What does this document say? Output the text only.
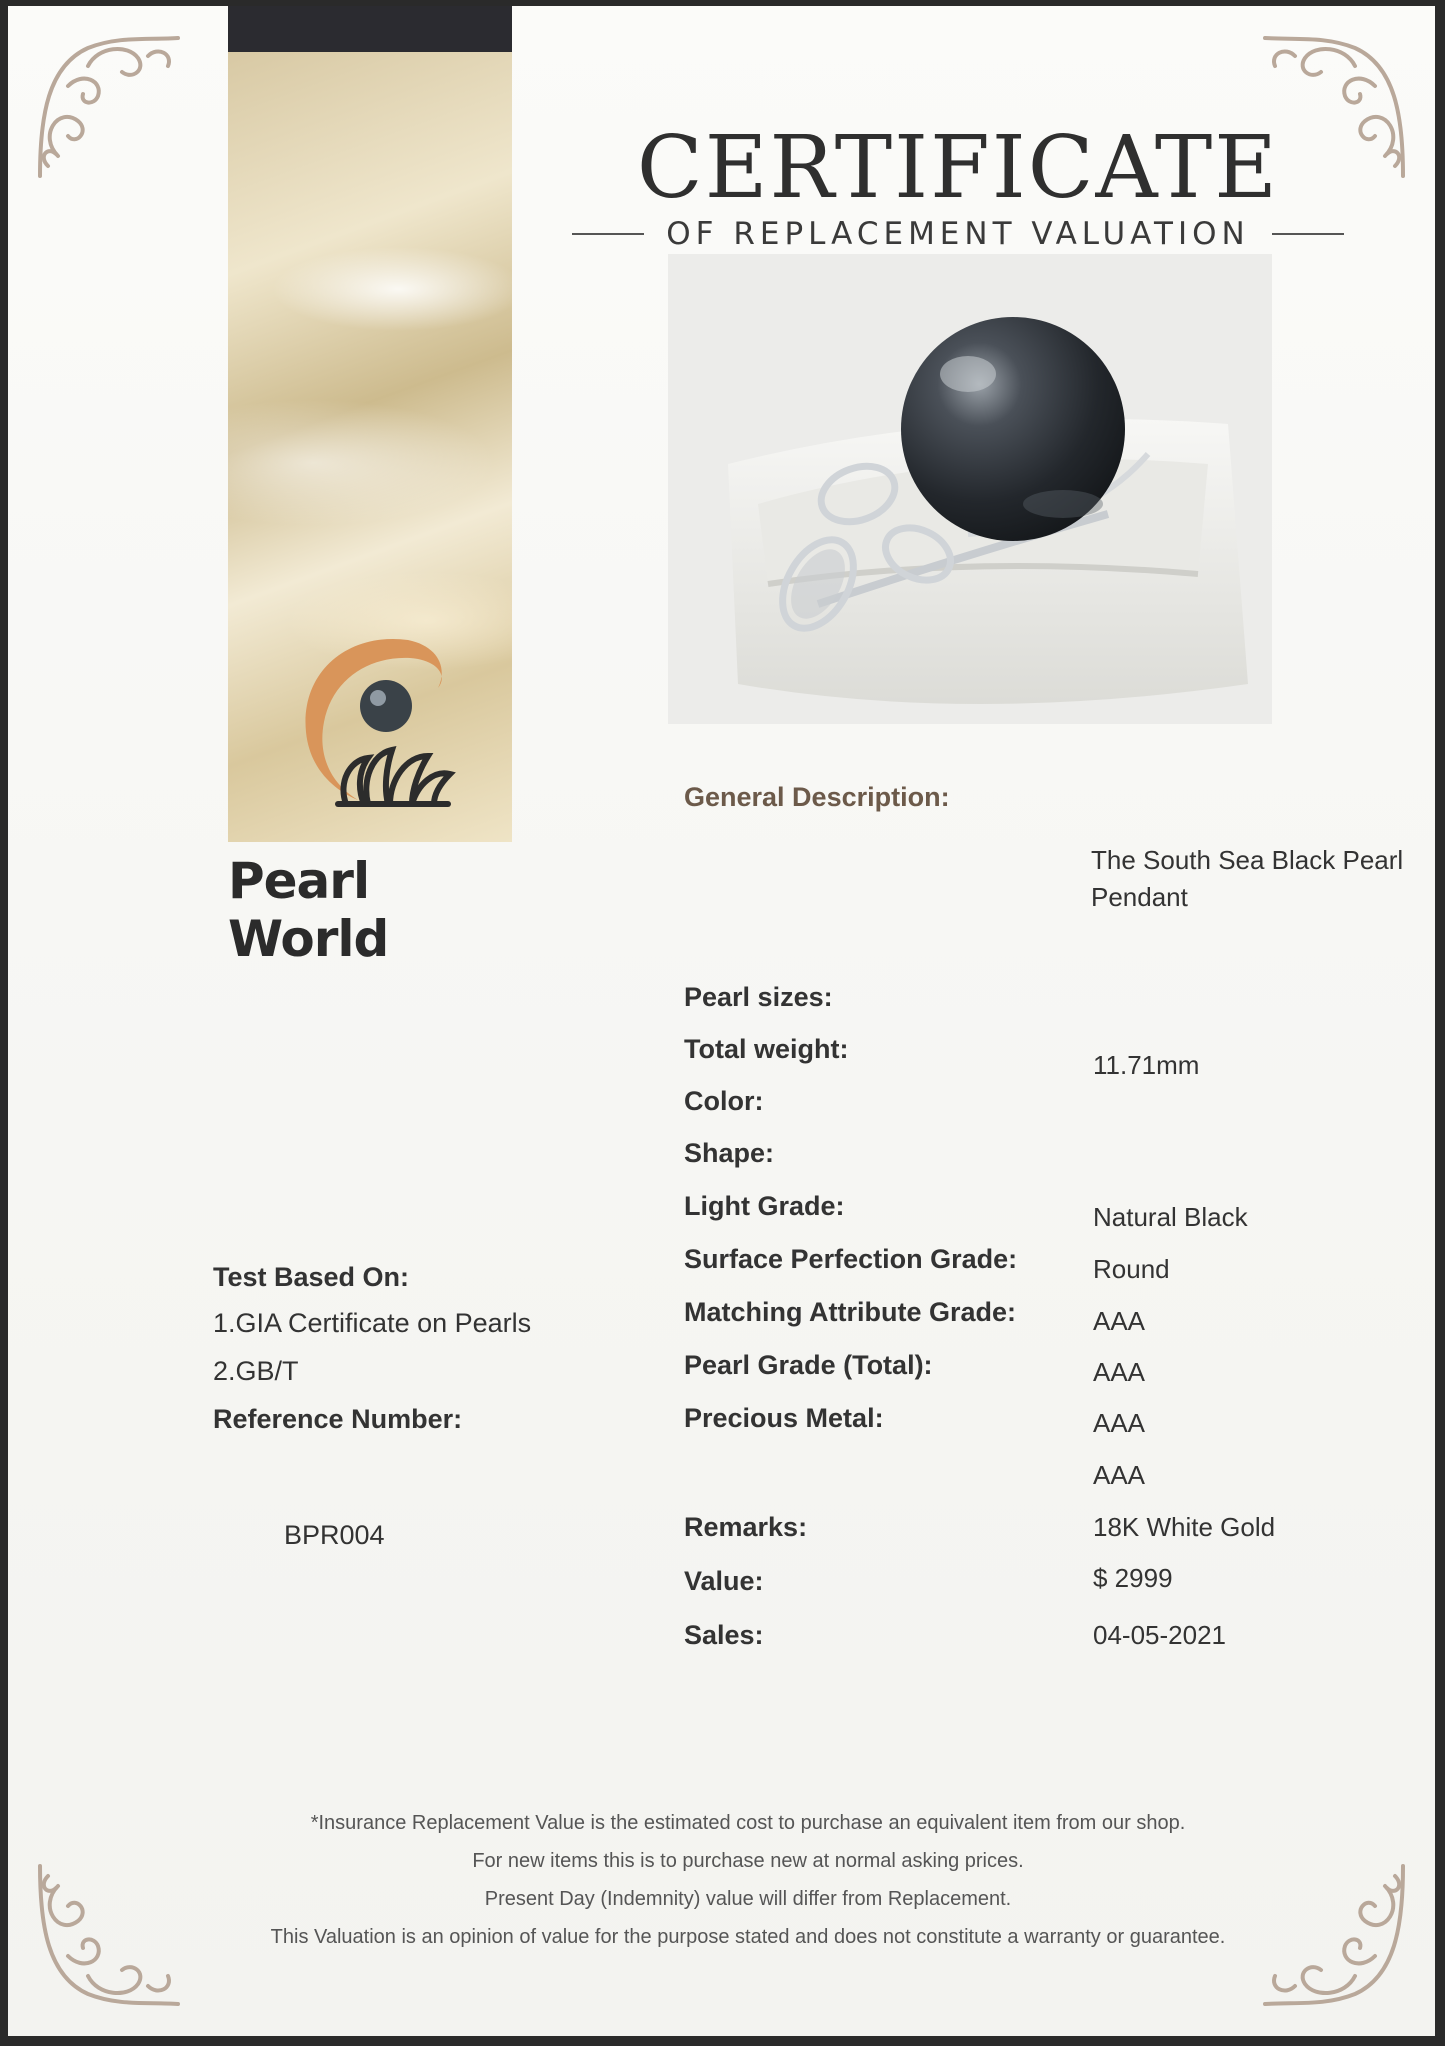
Pearl World
CERTIFICATE
OF REPLACEMENT VALUATION
General Description:
The South Sea Black Pearl Pendant
Pearl sizes:
Total weight:
Color:
Shape:
Light Grade:
Surface Perfection Grade:
Matching Attribute Grade:
Pearl Grade (Total):
Precious Metal:
Remarks:
Value:
Sales:
11.71mm
Natural Black
Round
AAA
AAA
AAA
AAA
18K White Gold
$ 2999
04-05-2021
Test Based On:
1.GIA Certificate on Pearls
2.GB/T
Reference Number:
BPR004
*Insurance Replacement Value is the estimated cost to purchase an equivalent item from our shop.
For new items this is to purchase new at normal asking prices.
Present Day (Indemnity) value will differ from Replacement.
This Valuation is an opinion of value for the purpose stated and does not constitute a warranty or guarantee.
